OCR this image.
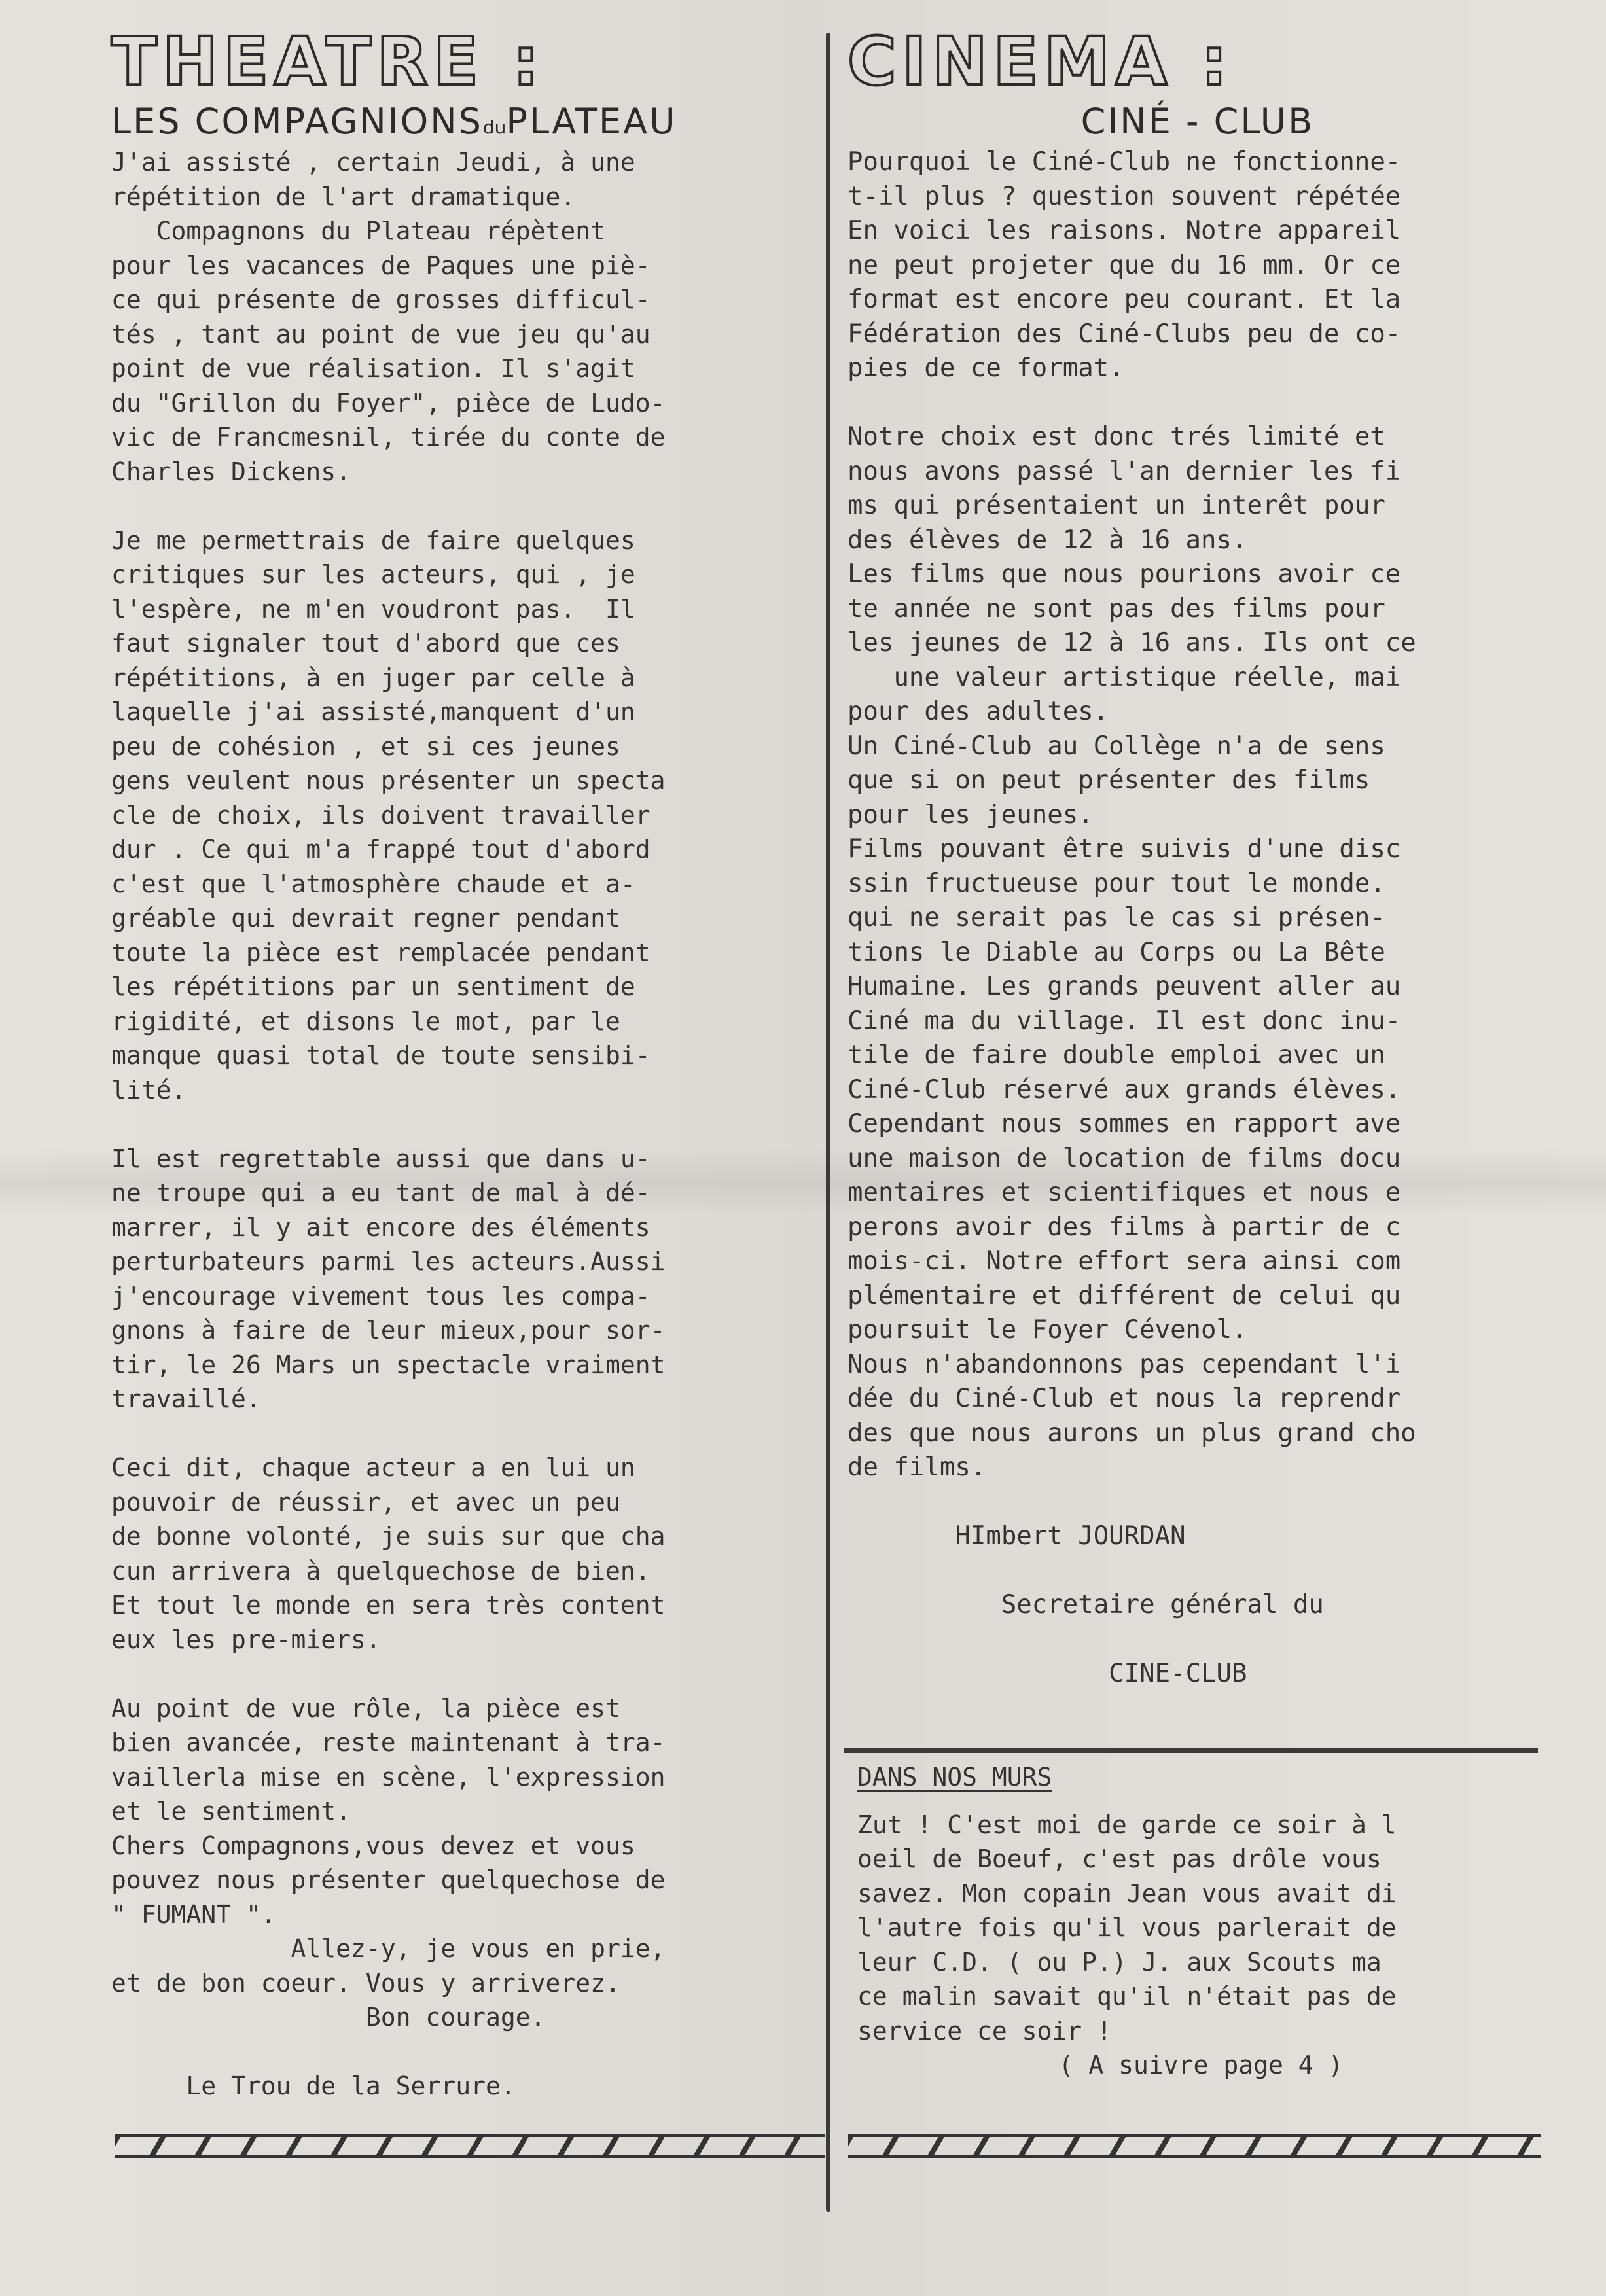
THEATRE :
LES COMPAGNIONSduPLATEAU

J'ai assisté , certain Jeudi, à une

répétition de l'art dramatique.

Compagnons du Plateau répètent

pour les vacances de Paques une piè-

ce qui présente de grosses difficul-

tés , tant au point de vue jeu qu'au

point de vue réalisation. Il s'agit

du "Grillon du Foyer", pièce de Ludo-

vic de Francmesnil, tirée du conte de

Charles Dickens.

Je me permettrais de faire quelques

critiques sur les acteurs, qui , je

l'espère, ne m'en voudront pas.  Il

faut signaler tout d'abord que ces

répétitions, à en juger par celle à

laquelle j'ai assisté,manquent d'un

peu de cohésion , et si ces jeunes

gens veulent nous présenter un specta

cle de choix, ils doivent travailler

dur . Ce qui m'a frappé tout d'abord

c'est que l'atmosphère chaude et a-

gréable qui devrait regner pendant

toute la pièce est remplacée pendant

les répétitions par un sentiment de

rigidité, et disons le mot, par le

manque quasi total de toute sensibi-

lité.

Il est regrettable aussi que dans u-

ne troupe qui a eu tant de mal à dé-

marrer, il y ait encore des éléments

perturbateurs parmi les acteurs.Aussi

j'encourage vivement tous les compa-

gnons à faire de leur mieux,pour sor-

tir, le 26 Mars un spectacle vraiment

travaillé.

Ceci dit, chaque acteur a en lui un

pouvoir de réussir, et avec un peu

de bonne volonté, je suis sur que cha

cun arrivera à quelquechose de bien.

Et tout le monde en sera très content

eux les pre-miers.

Au point de vue rôle, la pièce est

bien avancée, reste maintenant à tra-

vaillerla mise en scène, l'expression

et le sentiment.

Chers Compagnons,vous devez et vous

pouvez nous présenter quelquechose de

" FUMANT ".

Allez-y, je vous en prie,

et de bon coeur. Vous y arriverez.

Bon courage.

Le Trou de la Serrure.

CINEMA :
CINÉ - CLUB

Pourquoi le Ciné-Club ne fonctionne-

t-il plus ? question souvent répétée

En voici les raisons. Notre appareil

ne peut projeter que du 16 mm. Or ce

format est encore peu courant. Et la

Fédération des Ciné-Clubs peu de co-

pies de ce format.

Notre choix est donc trés limité et

nous avons passé l'an dernier les fi

ms qui présentaient un interêt pour

des élèves de 12 à 16 ans.

Les films que nous pourions avoir ce

te année ne sont pas des films pour

les jeunes de 12 à 16 ans. Ils ont ce

une valeur artistique réelle, mai

pour des adultes.

Un Ciné-Club au Collège n'a de sens

que si on peut présenter des films

pour les jeunes.

Films pouvant être suivis d'une disc

ssin fructueuse pour tout le monde.

qui ne serait pas le cas si présen-

tions le Diable au Corps ou La Bête

Humaine. Les grands peuvent aller au

Ciné ma du village. Il est donc inu-

tile de faire double emploi avec un

Ciné-Club réservé aux grands élèves.

Cependant nous sommes en rapport ave

une maison de location de films docu

mentaires et scientifiques et nous e

perons avoir des films à partir de c

mois-ci. Notre effort sera ainsi com

plémentaire et différent de celui qu

poursuit le Foyer Cévenol.

Nous n'abandonnons pas cependant l'i

dée du Ciné-Club et nous la reprendr

des que nous aurons un plus grand cho

de films.

HImbert JOURDAN

Secretaire général du

CINE-CLUB

DANS NOS MURS

Zut ! C'est moi de garde ce soir à l

oeil de Boeuf, c'est pas drôle vous

savez. Mon copain Jean vous avait di

l'autre fois qu'il vous parlerait de

leur C.D. ( ou P.) J. aux Scouts ma

ce malin savait qu'il n'était pas de

service ce soir !

( A suivre page 4 )
